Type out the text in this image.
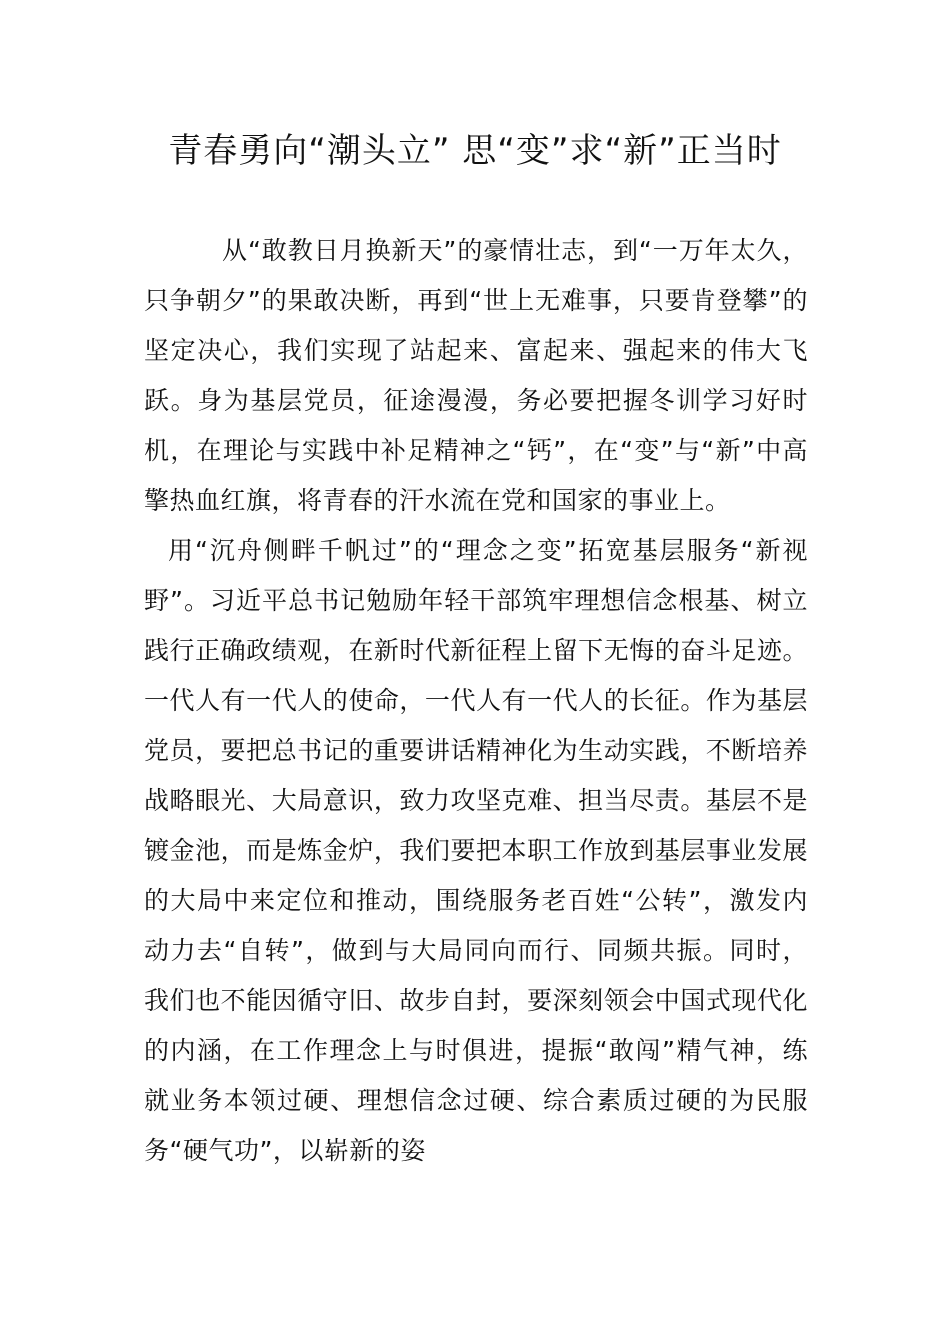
青春勇向“潮头立” 思“变”求“新”正当时

从“敢教日月换新天”的豪情壮志，到“一万年太久，只争朝夕”的果敢决断，再到“世上无难事，只要肯登攀”的坚定决心，我们实现了站起来、富起来、强起来的伟大飞跃。身为基层党员，征途漫漫，务必要把握冬训学习好时机，在理论与实践中补足精神之“钙”，在“变”与“新”中高擎热血红旗，将青春的汗水流在党和国家的事业上。

用“沉舟侧畔千帆过”的“理念之变”拓宽基层服务“新视野”。习近平总书记勉励年轻干部筑牢理想信念根基、树立践行正确政绩观，在新时代新征程上留下无悔的奋斗足迹。一代人有一代人的使命，一代人有一代人的长征。作为基层党员，要把总书记的重要讲话精神化为生动实践，不断培养战略眼光、大局意识，致力攻坚克难、担当尽责。基层不是镀金池，而是炼金炉，我们要把本职工作放到基层事业发展的大局中来定位和推动，围绕服务老百姓“公转”，激发内动力去“自转”，做到与大局同向而行、同频共振。同时，我们也不能因循守旧、故步自封，要深刻领会中国式现代化的内涵，在工作理念上与时俱进，提振“敢闯”精气神，练就业务本领过硬、理想信念过硬、综合素质过硬的为民服务“硬气功”，以崭新的姿
